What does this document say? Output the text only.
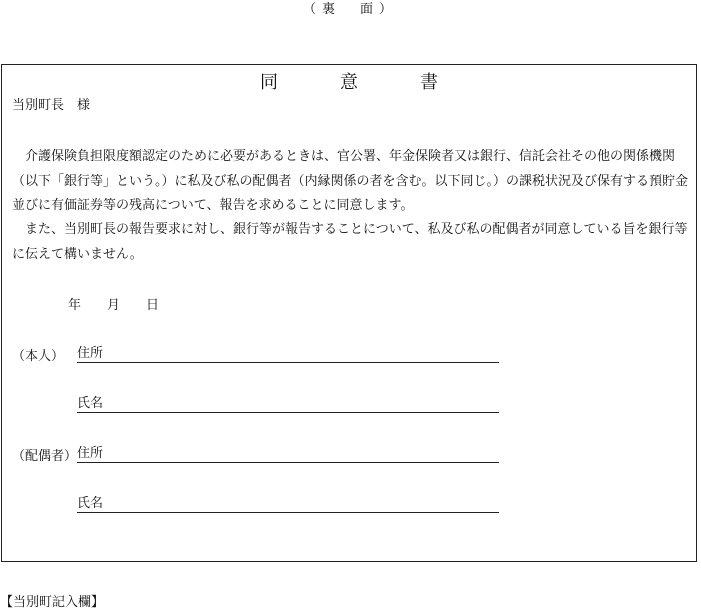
（裏　面）
同　意　書
当別町長　様
　介護保険負担限度額認定のために必要があるときは、官公署、年金保険者又は銀行、信託会社その他の関係機関（以下「銀行等」という。）に私及び私の配偶者（内縁関係の者を含む。以下同じ。）の課税状況及び保有する預貯金並びに有価証券等の残高について、報告を求めることに同意します。
　また、当別町長の報告要求に対し、銀行等が報告することについて、私及び私の配偶者が同意している旨を銀行等に伝えて構いません。
年　　月　　日
（本人） 住所
氏名
（配偶者） 住所
氏名
【当別町記入欄】
